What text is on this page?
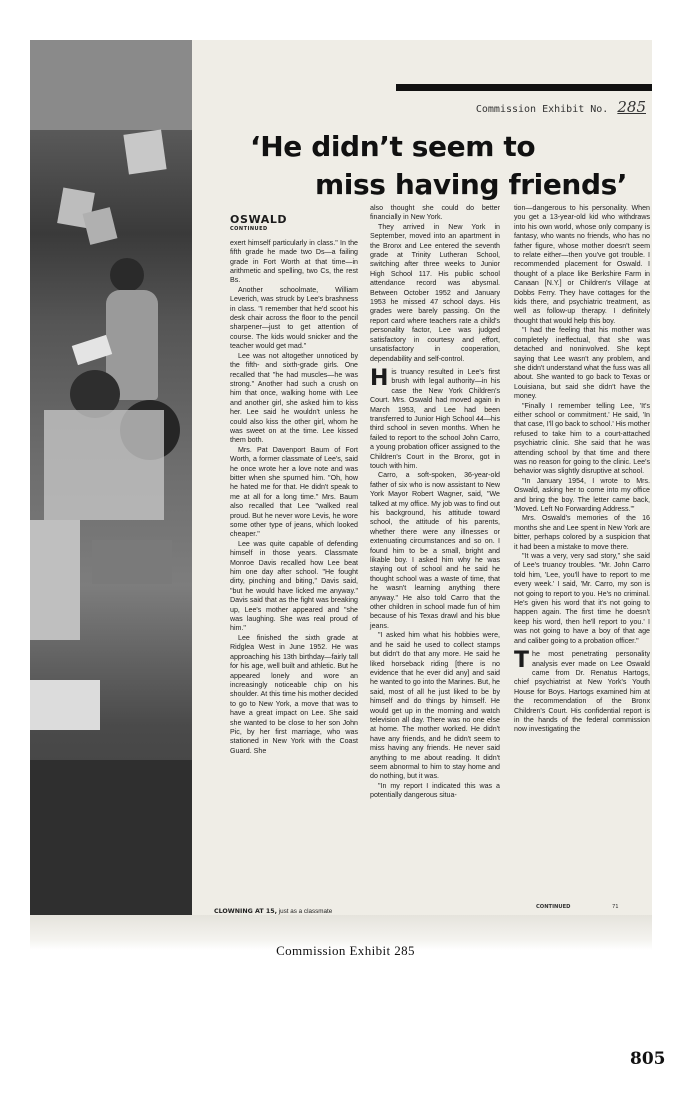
Commission Exhibit No. 285
‘He didn’t seem to
miss having friends’
OSWALD
CONTINUED

exert himself particularly in class." In the fifth grade he made two Ds—a failing grade in Fort Worth at that time—in arithmetic and spelling, two Cs, the rest Bs.

Another schoolmate, William Leverich, was struck by Lee's brashness in class. "I remember that he'd scoot his desk chair across the floor to the pencil sharpener—just to get attention of course. The kids would snicker and the teacher would get mad."

Lee was not altogether unnoticed by the fifth- and sixth-grade girls. One recalled that "he had muscles—he was strong." Another had such a crush on him that once, walking home with Lee and another girl, she asked him to kiss her. Lee said he wouldn't unless he could also kiss the other girl, whom he was sweet on at the time. Lee kissed them both.

Mrs. Pat Davenport Baum of Fort Worth, a former classmate of Lee's, said he once wrote her a love note and was bitter when she spurned him. "Oh, how he hated me for that. He didn't speak to me at all for a long time." Mrs. Baum also recalled that Lee "walked real proud. But he never wore Levis, he wore some other type of jeans, which looked cheaper."

Lee was quite capable of defending himself in those years. Classmate Monroe Davis recalled how Lee beat him one day after school. "He fought dirty, pinching and biting," Davis said, "but he would have licked me anyway." Davis said that as the fight was breaking up, Lee's mother appeared and "she was laughing. She was real proud of him."

Lee finished the sixth grade at Ridglea West in June 1952. He was approaching his 13th birthday—fairly tall for his age, well built and athletic. But he appeared lonely and wore an increasingly noticeable chip on his shoulder. At this time his mother decided to go to New York, a move that was to have a great impact on Lee. She said she wanted to be close to her son John Pic, by her first marriage, who was stationed in New York with the Coast Guard. She

also thought she could do better financially in New York.

They arrived in New York in September, moved into an apartment in the Bronx and Lee entered the seventh grade at Trinity Lutheran School, switching after three weeks to Junior High School 117. His public school attendance record was abysmal. Between October 1952 and January 1953 he missed 47 school days. His grades were barely passing. On the report card where teachers rate a child's personality factor, Lee was judged satisfactory in courtesy and effort, unsatisfactory in cooperation, dependability and self-control.

His truancy resulted in Lee's first brush with legal authority—in his case the New York Children's Court. Mrs. Oswald had moved again in March 1953, and Lee had been transferred to Junior High School 44—his third school in seven months. When he failed to report to the school John Carro, a young probation officer assigned to the Children's Court in the Bronx, got in touch with him.

Carro, a soft-spoken, 36-year-old father of six who is now assistant to New York Mayor Robert Wagner, said, "We talked at my office. My job was to find out his background, his attitude toward school, the attitude of his parents, whether there were any illnesses or extenuating circumstances and so on. I found him to be a small, bright and likable boy. I asked him why he was staying out of school and he said he thought school was a waste of time, that he wasn't learning anything there anyway." He also told Carro that the other children in school made fun of him because of his Texas drawl and his blue jeans.

"I asked him what his hobbies were, and he said he used to collect stamps but didn't do that any more. He said he liked horseback riding [there is no evidence that he ever did any] and said he wanted to go into the Marines. But, he said, most of all he just liked to be by himself and do things by himself. He would get up in the morning and watch television all day. There was no one else at home. The mother worked. He didn't have any friends, and he didn't seem to miss having any friends. He never said anything to me about reading. It didn't seem abnormal to him to stay home and do nothing, but it was.

"In my report I indicated this was a potentially dangerous situa-

tion—dangerous to his personality. When you get a 13-year-old kid who withdraws into his own world, whose only company is fantasy, who wants no friends, who has no father figure, whose mother doesn't seem to relate either—then you've got trouble. I recommended placement for Oswald. I thought of a place like Berkshire Farm in Canaan [N.Y.] or Children's Village at Dobbs Ferry. They have cottages for the kids there, and psychiatric treatment, as well as follow-up therapy. I definitely thought that would help this boy.

"I had the feeling that his mother was completely ineffectual, that she was detached and noninvolved. She kept saying that Lee wasn't any problem, and she didn't understand what the fuss was all about. She wanted to go back to Texas or Louisiana, but said she didn't have the money.

"Finally I remember telling Lee, 'It's either school or commitment.' He said, 'In that case, I'll go back to school.' His mother refused to take him to a court-attached psychiatric clinic. She said that he was attending school by that time and there was no reason for going to the clinic. Lee's behavior was slightly disruptive at school.

"In January 1954, I wrote to Mrs. Oswald, asking her to come into my office and bring the boy. The letter came back, 'Moved. Left No Forwarding Address.'"

Mrs. Oswald's memories of the 16 months she and Lee spent in New York are bitter, perhaps colored by a suspicion that it had been a mistake to move there.

"It was a very, very sad story," she said of Lee's truancy troubles. "Mr. John Carro told him, 'Lee, you'll have to report to me every week.' I said, 'Mr. Carro, my son is not going to report to you. He's no criminal. He's given his word that it's not going to happen again. The first time he doesn't keep his word, then he'll report to you.' I was not going to have a boy of that age and caliber going to a probation officer."

The most penetrating personality analysis ever made on Lee Oswald came from Dr. Renatus Hartogs, chief psychiatrist at New York's Youth House for Boys. Hartogs examined him at the recommendation of the Bronx Children's Court. His confidential report is in the hands of the federal commission now investigating the

CLOWNING AT 15, just as a classmate
CONTINUED	71
Commission Exhibit 285
805
